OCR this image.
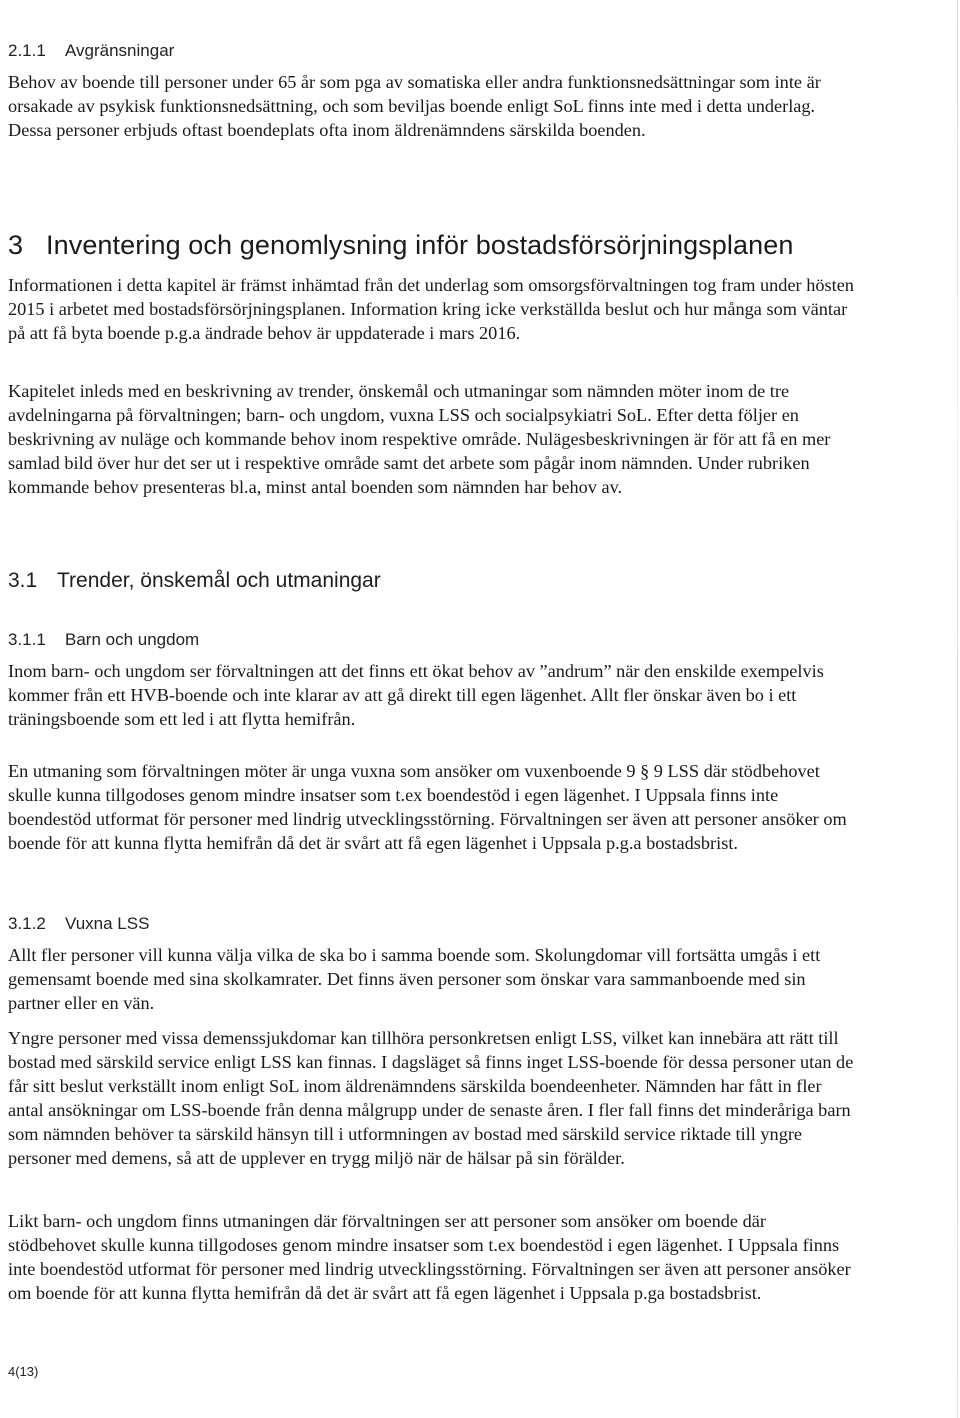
2.1.1 Avgränsningar

Behov av boende till personer under 65 år som pga av somatiska eller andra funktionsnedsättningar som inte är orsakade av psykisk funktionsnedsättning, och som beviljas boende enligt SoL finns inte med i detta underlag. Dessa personer erbjuds oftast boendeplats ofta inom äldrenämndens särskilda boenden.

3 Inventering och genomlysning inför bostadsförsörjningsplanen

Informationen i detta kapitel är främst inhämtad från det underlag som omsorgsförvaltningen tog fram under hösten 2015 i arbetet med bostadsförsörjningsplanen. Information kring icke verkställda beslut och hur många som väntar på att få byta boende p.g.a ändrade behov är uppdaterade i mars 2016.

Kapitelet inleds med en beskrivning av trender, önskemål och utmaningar som nämnden möter inom de tre avdelningarna på förvaltningen; barn- och ungdom, vuxna LSS och socialpsykiatri SoL. Efter detta följer en beskrivning av nuläge och kommande behov inom respektive område. Nulägesbeskrivningen är för att få en mer samlad bild över hur det ser ut i respektive område samt det arbete som pågår inom nämnden. Under rubriken kommande behov presenteras bl.a, minst antal boenden som nämnden har behov av.

3.1 Trender, önskemål och utmaningar

3.1.1 Barn och ungdom

Inom barn- och ungdom ser förvaltningen att det finns ett ökat behov av ”andrum” när den enskilde exempelvis kommer från ett HVB-boende och inte klarar av att gå direkt till egen lägenhet. Allt fler önskar även bo i ett träningsboende som ett led i att flytta hemifrån.

En utmaning som förvaltningen möter är unga vuxna som ansöker om vuxenboende 9 § 9 LSS där stödbehovet skulle kunna tillgodoses genom mindre insatser som t.ex boendestöd i egen lägenhet. I Uppsala finns inte boendestöd utformat för personer med lindrig utvecklingsstörning. Förvaltningen ser även att personer ansöker om boende för att kunna flytta hemifrån då det är svårt att få egen lägenhet i Uppsala p.g.a bostadsbrist.

3.1.2 Vuxna LSS

Allt fler personer vill kunna välja vilka de ska bo i samma boende som. Skolungdomar vill fortsätta umgås i ett gemensamt boende med sina skolkamrater. Det finns även personer som önskar vara sammanboende med sin partner eller en vän.

Yngre personer med vissa demenssjukdomar kan tillhöra personkretsen enligt LSS, vilket kan innebära att rätt till bostad med särskild service enligt LSS kan finnas. I dagsläget så finns inget LSS-boende för dessa personer utan de får sitt beslut verkställt inom enligt SoL inom äldrenämndens särskilda boendeenheter. Nämnden har fått in fler antal ansökningar om LSS-boende från denna målgrupp under de senaste åren. I fler fall finns det minderåriga barn som nämnden behöver ta särskild hänsyn till i utformningen av bostad med särskild service riktade till yngre personer med demens, så att de upplever en trygg miljö när de hälsar på sin förälder.

Likt barn- och ungdom finns utmaningen där förvaltningen ser att personer som ansöker om boende där stödbehovet skulle kunna tillgodoses genom mindre insatser som t.ex boendestöd i egen lägenhet. I Uppsala finns inte boendestöd utformat för personer med lindrig utvecklingsstörning. Förvaltningen ser även att personer ansöker om boende för att kunna flytta hemifrån då det är svårt att få egen lägenhet i Uppsala p.ga bostadsbrist.

4(13)
